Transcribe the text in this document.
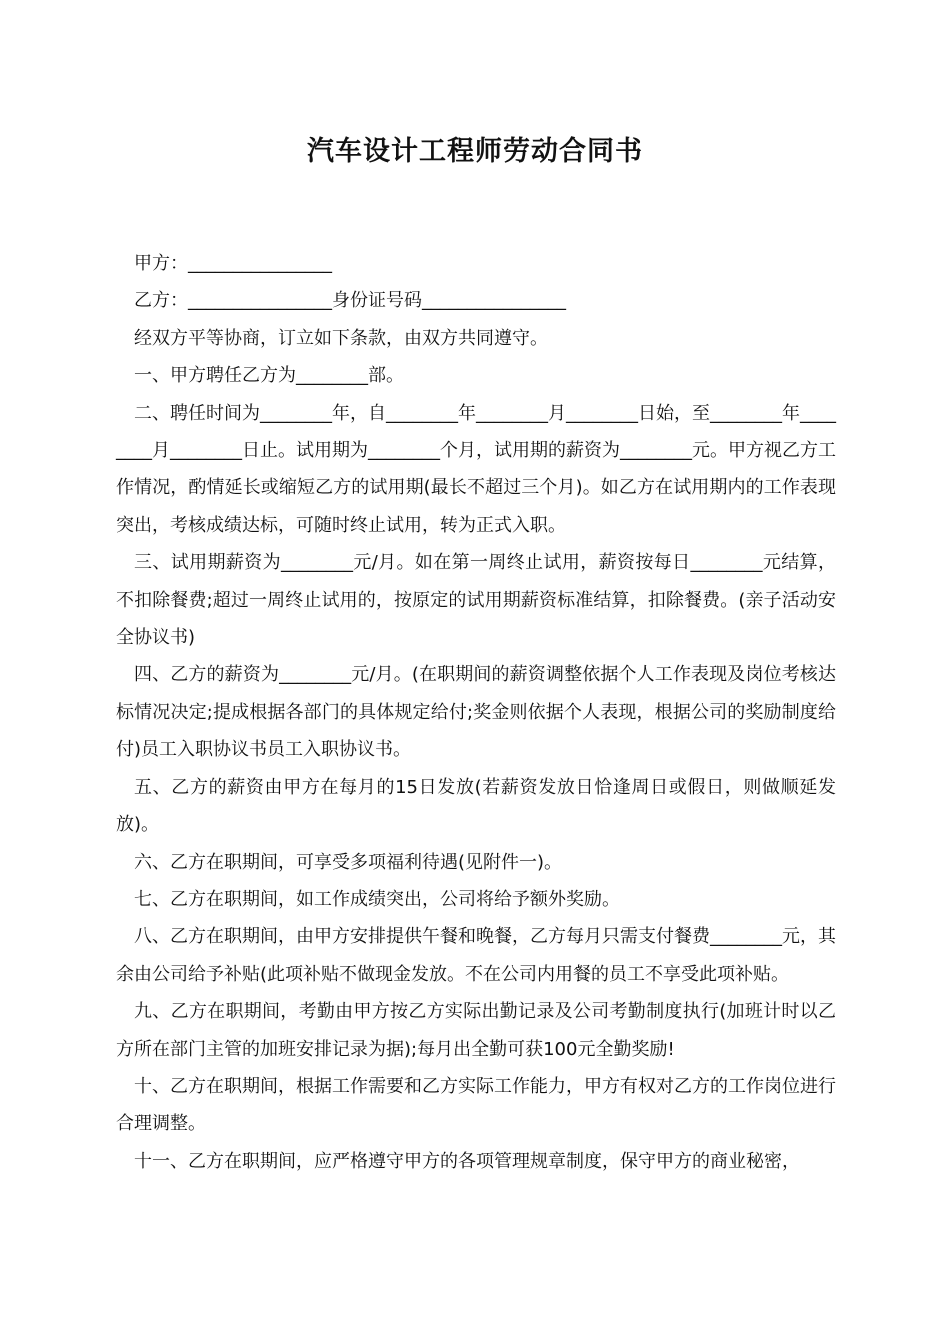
汽车设计工程师劳动合同书

甲方：________________

乙方：________________身份证号码________________

经双方平等协商，订立如下条款，由双方共同遵守。

一、甲方聘任乙方为________部。

二、聘任时间为________年，自________年________月________日始，至________年________月________日止。试用期为________个月，试用期的薪资为________元。甲方视乙方工作情况，酌情延长或缩短乙方的试用期(最长不超过三个月)。如乙方在试用期内的工作表现突出，考核成绩达标，可随时终止试用，转为正式入职。

三、试用期薪资为________元/月。如在第一周终止试用，薪资按每日________元结算，不扣除餐费;超过一周终止试用的，按原定的试用期薪资标准结算，扣除餐费。(亲子活动安全协议书)

四、乙方的薪资为________元/月。(在职期间的薪资调整依据个人工作表现及岗位考核达标情况决定;提成根据各部门的具体规定给付;奖金则依据个人表现，根据公司的奖励制度给付)员工入职协议书员工入职协议书。

五、乙方的薪资由甲方在每月的15日发放(若薪资发放日恰逢周日或假日，则做顺延发放)。

六、乙方在职期间，可享受多项福利待遇(见附件一)。

七、乙方在职期间，如工作成绩突出，公司将给予额外奖励。

八、乙方在职期间，由甲方安排提供午餐和晚餐，乙方每月只需支付餐费________元，其余由公司给予补贴(此项补贴不做现金发放。不在公司内用餐的员工不享受此项补贴。

九、乙方在职期间，考勤由甲方按乙方实际出勤记录及公司考勤制度执行(加班计时以乙方所在部门主管的加班安排记录为据);每月出全勤可获100元全勤奖励!

十、乙方在职期间，根据工作需要和乙方实际工作能力，甲方有权对乙方的工作岗位进行合理调整。

十一、乙方在职期间，应严格遵守甲方的各项管理规章制度，保守甲方的商业秘密，
